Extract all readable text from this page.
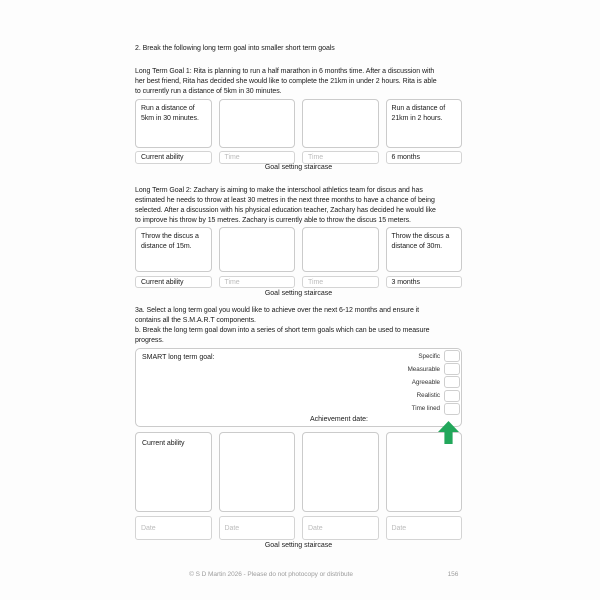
2. Break the following long term goal into smaller short term goals
Long Term Goal 1: Rita is planning to run a half marathon in 6 months time. After a discussion with
her best friend, Rita has decided she would like to complete the 21km in under 2 hours. Rita is able
to currently run a distance of 5km in 30 minutes.
Run a distance of 5km in 30 minutes.
Run a distance of 21km in 2 hours.
Current ability	Time	Time	6 months
Goal setting staircase
Long Term Goal 2: Zachary is aiming to make the interschool athletics team for discus and has
estimated he needs to throw at least 30 metres in the next three months to have a chance of being
selected. After a discussion with his physical education teacher, Zachary has decided he would like
to improve his throw by 15 metres. Zachary is currently able to throw the discus 15 meters.
Throw the discus a distance of 15m.
Throw the discus a distance of 30m.
Current ability	Time	Time	3 months
Goal setting staircase
3a. Select a long term goal you would like to achieve over the next 6-12 months and ensure it
contains all the S.M.A.R.T components.
b. Break the long term goal down into a series of short term goals which can be used to measure
progress.
SMART long term goal:	Specific
Measurable
Agreeable
Realistic
Time lined
Achievement date:
Current ability
Date	Date	Date	Date
Goal setting staircase
© S D Martin 2026 - Please do not photocopy or distribute	156
